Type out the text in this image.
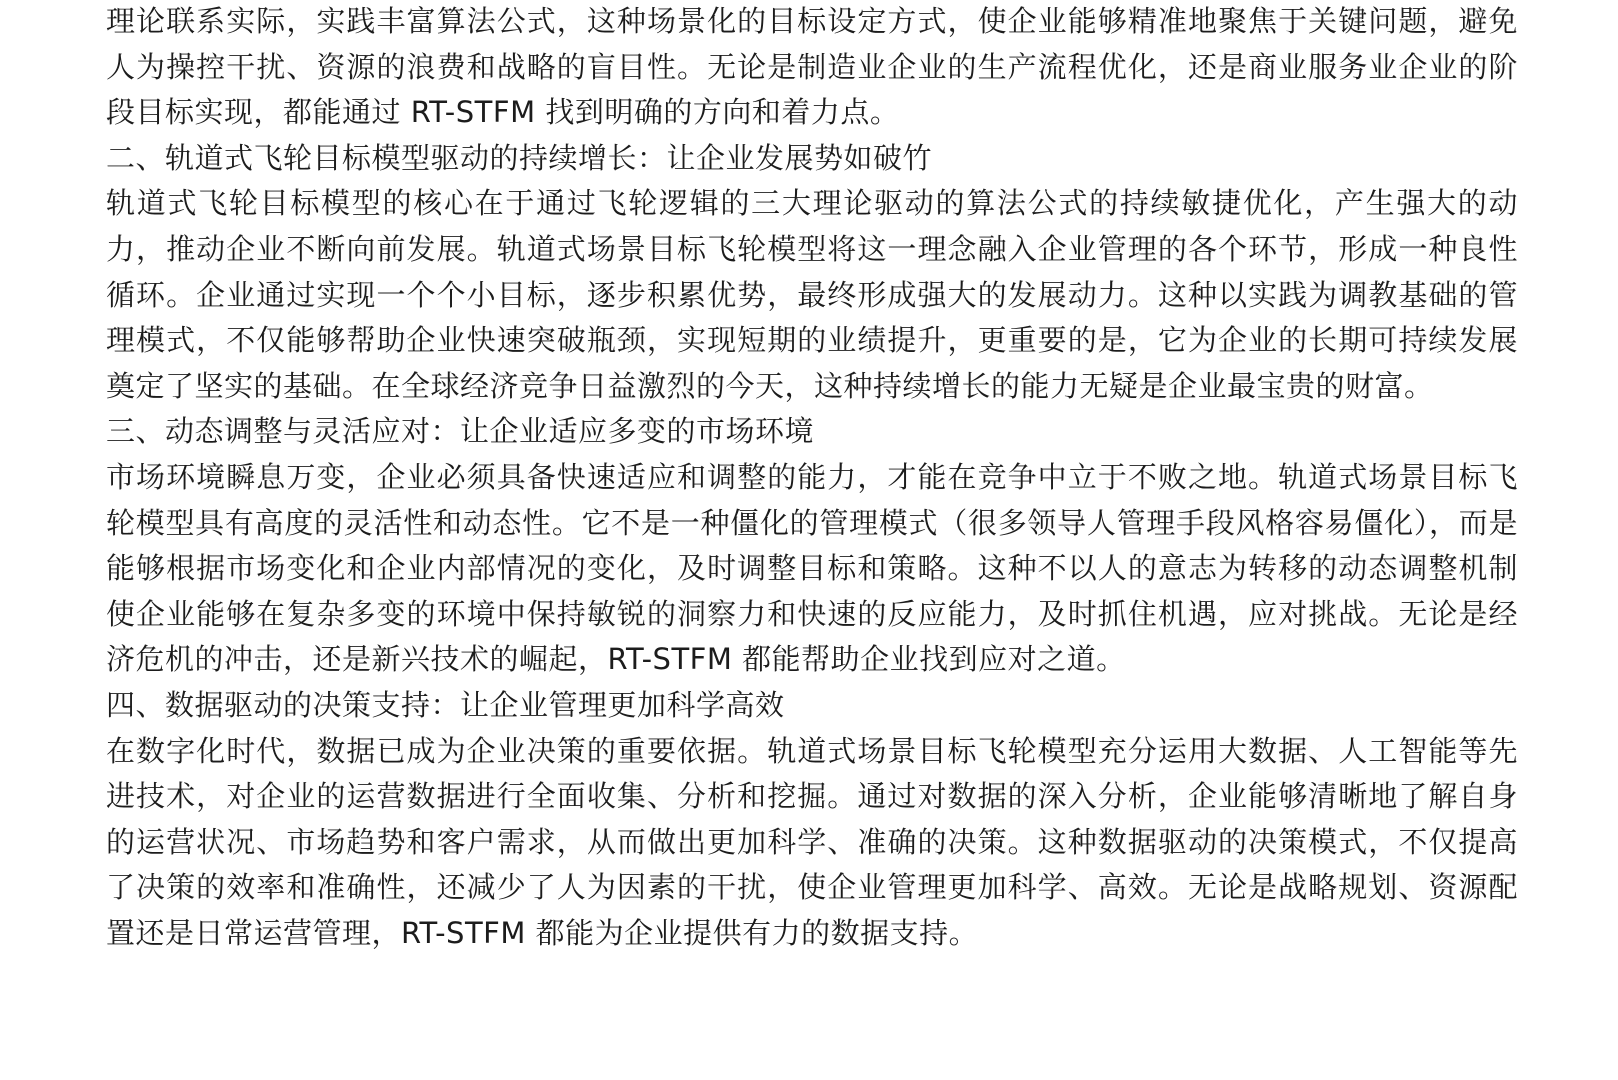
理论联系实际，实践丰富算法公式，这种场景化的目标设定方式，使企业能够精准地聚焦于关键问题，避免人为操控干扰、资源的浪费和战略的盲目性。无论是制造业企业的生产流程优化，还是商业服务业企业的阶段目标实现，都能通过 RT-STFM 找到明确的方向和着力点。

二、轨道式飞轮目标模型驱动的持续增长：让企业发展势如破竹

轨道式飞轮目标模型的核心在于通过飞轮逻辑的三大理论驱动的算法公式的持续敏捷优化，产生强大的动力，推动企业不断向前发展。轨道式场景目标飞轮模型将这一理念融入企业管理的各个环节，形成一种良性循环。企业通过实现一个个小目标，逐步积累优势，最终形成强大的发展动力。这种以实践为调教基础的管理模式，不仅能够帮助企业快速突破瓶颈，实现短期的业绩提升，更重要的是，它为企业的长期可持续发展奠定了坚实的基础。在全球经济竞争日益激烈的今天，这种持续增长的能力无疑是企业最宝贵的财富。

三、动态调整与灵活应对：让企业适应多变的市场环境

市场环境瞬息万变，企业必须具备快速适应和调整的能力，才能在竞争中立于不败之地。轨道式场景目标飞轮模型具有高度的灵活性和动态性。它不是一种僵化的管理模式（很多领导人管理手段风格容易僵化），而是能够根据市场变化和企业内部情况的变化，及时调整目标和策略。这种不以人的意志为转移的动态调整机制使企业能够在复杂多变的环境中保持敏锐的洞察力和快速的反应能力，及时抓住机遇，应对挑战。无论是经济危机的冲击，还是新兴技术的崛起，RT-STFM 都能帮助企业找到应对之道。

四、数据驱动的决策支持：让企业管理更加科学高效

在数字化时代，数据已成为企业决策的重要依据。轨道式场景目标飞轮模型充分运用大数据、人工智能等先进技术，对企业的运营数据进行全面收集、分析和挖掘。通过对数据的深入分析，企业能够清晰地了解自身的运营状况、市场趋势和客户需求，从而做出更加科学、准确的决策。这种数据驱动的决策模式，不仅提高了决策的效率和准确性，还减少了人为因素的干扰，使企业管理更加科学、高效。无论是战略规划、资源配置还是日常运营管理，RT-STFM 都能为企业提供有力的数据支持。
